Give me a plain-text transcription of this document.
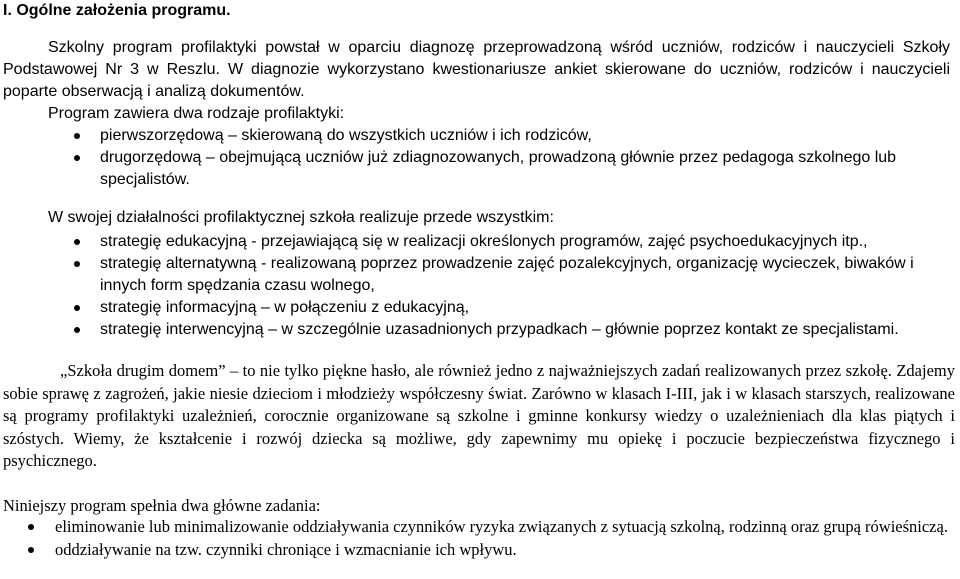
I. Ogólne założenia programu.

Szkolny program profilaktyki powstał w oparciu diagnozę przeprowadzoną wśród uczniów, rodziców i nauczycieli Szkoły Podstawowej Nr 3 w Reszlu. W diagnozie wykorzystano kwestionariusze ankiet skierowane do uczniów, rodziców i nauczycieli poparte obserwacją i analizą dokumentów.

Program zawiera dwa rodzaje profilaktyki:

pierwszorzędową – skierowaną do wszystkich uczniów i ich rodziców,
drugorzędową – obejmującą uczniów już zdiagnozowanych, prowadzoną głównie przez pedagoga szkolnego lub specjalistów.

W swojej działalności profilaktycznej szkoła realizuje przede wszystkim:

strategię edukacyjną - przejawiającą się w realizacji określonych programów, zajęć psychoedukacyjnych itp.,
strategię alternatywną - realizowaną poprzez prowadzenie zajęć pozalekcyjnych, organizację wycieczek, biwaków i innych form spędzania czasu wolnego,
strategię informacyjną – w połączeniu z edukacyjną,
strategię interwencyjną – w szczególnie uzasadnionych przypadkach – głównie poprzez kontakt ze specjalistami.

„Szkoła drugim domem” – to nie tylko piękne hasło, ale również jedno z najważniejszych zadań realizowanych przez szkołę. Zdajemy sobie sprawę z zagrożeń, jakie niesie dzieciom i młodzieży współczesny świat. Zarówno w klasach I-III, jak i w klasach starszych, realizowane są programy profilaktyki uzależnień, corocznie organizowane są szkolne i gminne konkursy wiedzy o uzależnieniach dla klas piątych i szóstych. Wiemy, że kształcenie i rozwój dziecka są możliwe, gdy zapewnimy mu opiekę i poczucie bezpieczeństwa fizycznego i psychicznego.

Niniejszy program spełnia dwa główne zadania:

eliminowanie lub minimalizowanie oddziaływania czynników ryzyka związanych z sytuacją szkolną, rodzinną oraz grupą rówieśniczą.
oddziaływanie na tzw. czynniki chroniące i wzmacnianie ich wpływu.
